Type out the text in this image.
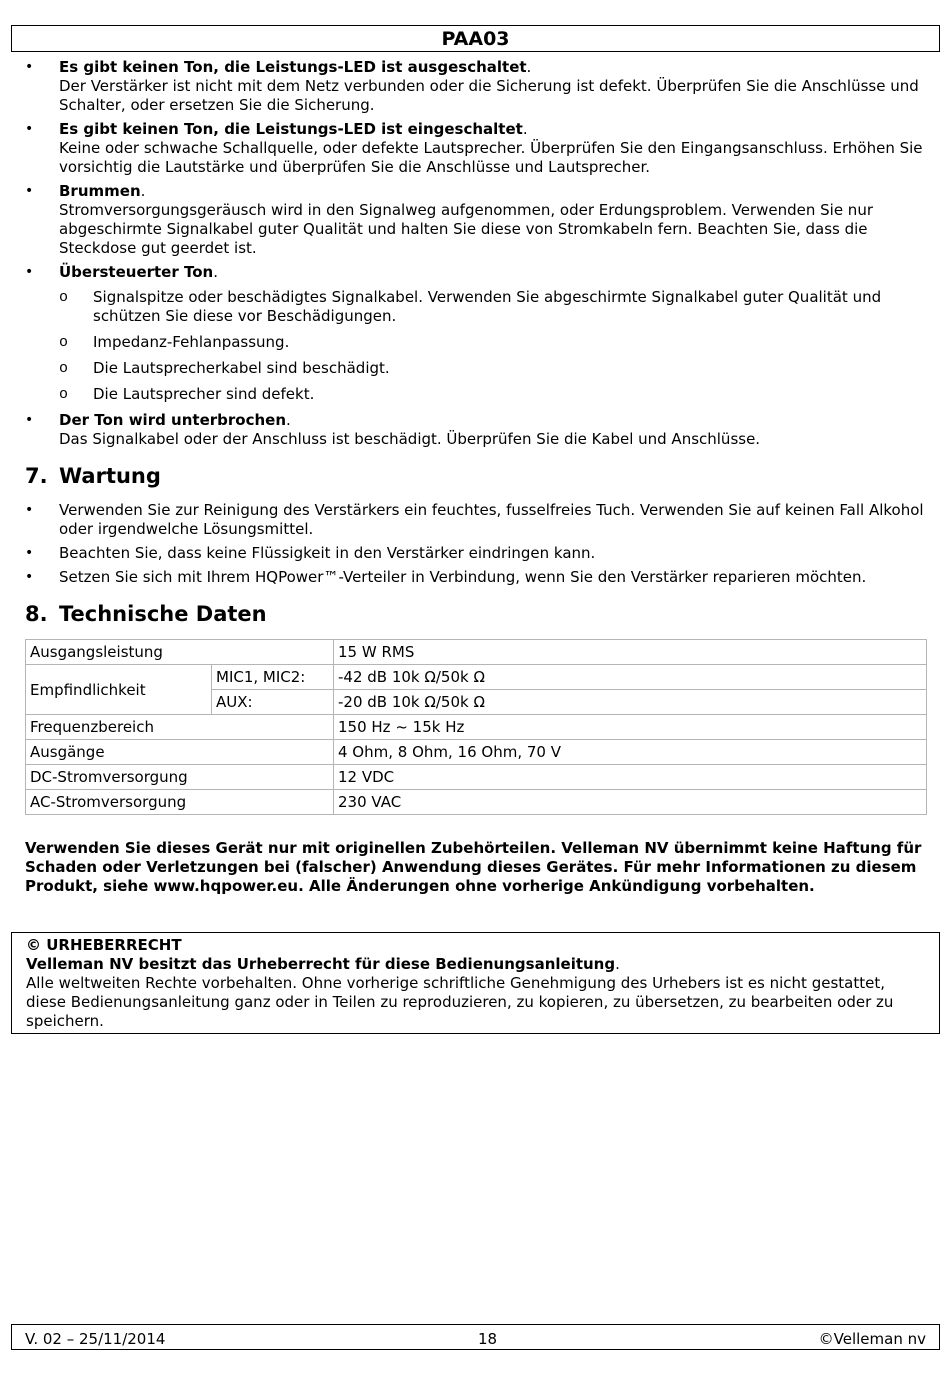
PAA03
• Es gibt keinen Ton, die Leistungs-LED ist ausgeschaltet.
Der Verstärker ist nicht mit dem Netz verbunden oder die Sicherung ist defekt. Überprüfen Sie die Anschlüsse und Schalter, oder ersetzen Sie die Sicherung.
• Es gibt keinen Ton, die Leistungs-LED ist eingeschaltet.
Keine oder schwache Schallquelle, oder defekte Lautsprecher. Überprüfen Sie den Eingangsanschluss. Erhöhen Sie vorsichtig die Lautstärke und überprüfen Sie die Anschlüsse und Lautsprecher.
• Brummen.
Stromversorgungsgeräusch wird in den Signalweg aufgenommen, oder Erdungsproblem. Verwenden Sie nur abgeschirmte Signalkabel guter Qualität und halten Sie diese von Stromkabeln fern. Beachten Sie, dass die Steckdose gut geerdet ist.
• Übersteuerter Ton.
o Signalspitze oder beschädigtes Signalkabel. Verwenden Sie abgeschirmte Signalkabel guter Qualität und schützen Sie diese vor Beschädigungen.
o Impedanz-Fehlanpassung.
o Die Lautsprecherkabel sind beschädigt.
o Die Lautsprecher sind defekt.
• Der Ton wird unterbrochen.
Das Signalkabel oder der Anschluss ist beschädigt. Überprüfen Sie die Kabel und Anschlüsse.
7. Wartung
• Verwenden Sie zur Reinigung des Verstärkers ein feuchtes, fusselfreies Tuch. Verwenden Sie auf keinen Fall Alkohol oder irgendwelche Lösungsmittel.
• Beachten Sie, dass keine Flüssigkeit in den Verstärker eindringen kann.
• Setzen Sie sich mit Ihrem HQPower™-Verteiler in Verbindung, wenn Sie den Verstärker reparieren möchten.
8. Technische Daten
Ausgangsleistung		15 W RMS
Empfindlichkeit	MIC1, MIC2:	-42 dB 10k Ω/50k Ω
	AUX:	-20 dB 10k Ω/50k Ω
Frequenzbereich		150 Hz ~ 15k Hz
Ausgänge		4 Ohm, 8 Ohm, 16 Ohm, 70 V
DC-Stromversorgung		12 VDC
AC-Stromversorgung		230 VAC
Verwenden Sie dieses Gerät nur mit originellen Zubehörteilen. Velleman NV übernimmt keine Haftung für Schaden oder Verletzungen bei (falscher) Anwendung dieses Gerätes. Für mehr Informationen zu diesem Produkt, siehe www.hqpower.eu. Alle Änderungen ohne vorherige Ankündigung vorbehalten.
© URHEBERRECHT
Velleman NV besitzt das Urheberrecht für diese Bedienungsanleitung.
Alle weltweiten Rechte vorbehalten. Ohne vorherige schriftliche Genehmigung des Urhebers ist es nicht gestattet, diese Bedienungsanleitung ganz oder in Teilen zu reproduzieren, zu kopieren, zu übersetzen, zu bearbeiten oder zu speichern.
V. 02 – 25/11/2014	18	©Velleman nv
